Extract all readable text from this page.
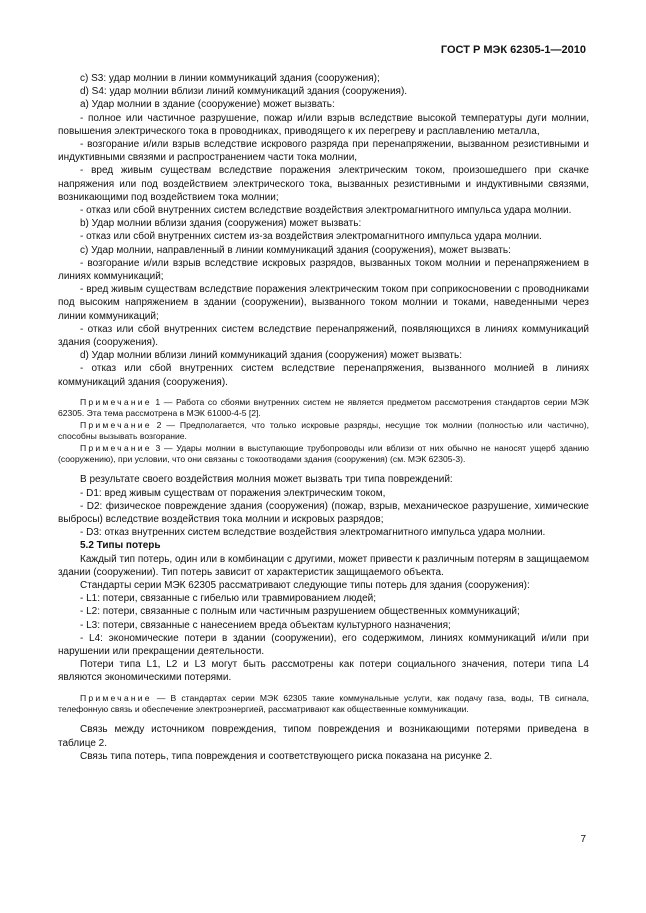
ГОСТ Р МЭК 62305-1—2010

c) S3: удар молнии в линии коммуникаций здания (сооружения);

d) S4: удар молнии вблизи линий коммуникаций здания (сооружения).

а) Удар молнии в здание (сооружение) может вызвать:

- полное или частичное разрушение, пожар и/или взрыв вследствие высокой температуры дуги молнии, повышения электрического тока в проводниках, приводящего к их перегреву и расплавлению металла,

- возгорание и/или взрыв вследствие искрового разряда при перенапряжении, вызванном резистивными и индуктивными связями и распространением части тока молнии,

- вред живым существам вследствие поражения электрическим током, произошедшего при скачке напряжения или под воздействием электрического тока, вызванных резистивными и индуктивными связями, возникающими под воздействием тока молнии;

- отказ или сбой внутренних систем вследствие воздействия электромагнитного импульса удара молнии.

b) Удар молнии вблизи здания (сооружения) может вызвать:

- отказ или сбой внутренних систем из-за воздействия электромагнитного импульса удара молнии.

с) Удар молнии, направленный в линии коммуникаций здания (сооружения), может вызвать:

- возгорание и/или взрыв вследствие искровых разрядов, вызванных током молнии и перенапряжением в линиях коммуникаций;

- вред живым существам вследствие поражения электрическим током при соприкосновении с проводниками под высоким напряжением в здании (сооружении), вызванного током молнии и токами, наведенными через линии коммуникаций;

- отказ или сбой внутренних систем вследствие перенапряжений, появляющихся в линиях коммуникаций здания (сооружения).

d) Удар молнии вблизи линий коммуникаций здания (сооружения) может вызвать:

- отказ или сбой внутренних систем вследствие перенапряжения, вызванного молнией в линиях коммуникаций здания (сооружения).

Примечание 1 — Работа со сбоями внутренних систем не является предметом рассмотрения стандартов серии МЭК 62305. Эта тема рассмотрена в МЭК 61000-4-5 [2].

Примечание 2 — Предполагается, что только искровые разряды, несущие ток молнии (полностью или частично), способны вызывать возгорание.

Примечание 3 — Удары молнии в выступающие трубопроводы или вблизи от них обычно не наносят ущерб зданию (сооружению), при условии, что они связаны с токоотводами здания (сооружения) (см. МЭК 62305-3).

В результате своего воздействия молния может вызвать три типа повреждений:

- D1: вред живым существам от поражения электрическим током,

- D2: физическое повреждение здания (сооружения) (пожар, взрыв, механическое разрушение, химические выбросы) вследствие воздействия тока молнии и искровых разрядов;

- D3: отказ внутренних систем вследствие воздействия электромагнитного импульса удара молнии.

5.2 Типы потерь

Каждый тип потерь, один или в комбинации с другими, может привести к различным потерям в защищаемом здании (сооружении). Тип потерь зависит от характеристик защищаемого объекта.

Стандарты серии МЭК 62305 рассматривают следующие типы потерь для здания (сооружения):

- L1: потери, связанные с гибелью или травмированием людей;

- L2: потери, связанные с полным или частичным разрушением общественных коммуникаций;

- L3: потери, связанные с нанесением вреда объектам культурного назначения;

- L4: экономические потери в здании (сооружении), его содержимом, линиях коммуникаций и/или при нарушении или прекращении деятельности.

Потери типа L1, L2 и L3 могут быть рассмотрены как потери социального значения, потери типа L4 являются экономическими потерями.

Примечание — В стандартах серии МЭК 62305 такие коммунальные услуги, как подачу газа, воды, ТВ сигнала, телефонную связь и обеспечение электроэнергией, рассматривают как общественные коммуникации.

Связь между источником повреждения, типом повреждения и возникающими потерями приведена в таблице 2.

Связь типа потерь, типа повреждения и соответствующего риска показана на рисунке 2.

7
